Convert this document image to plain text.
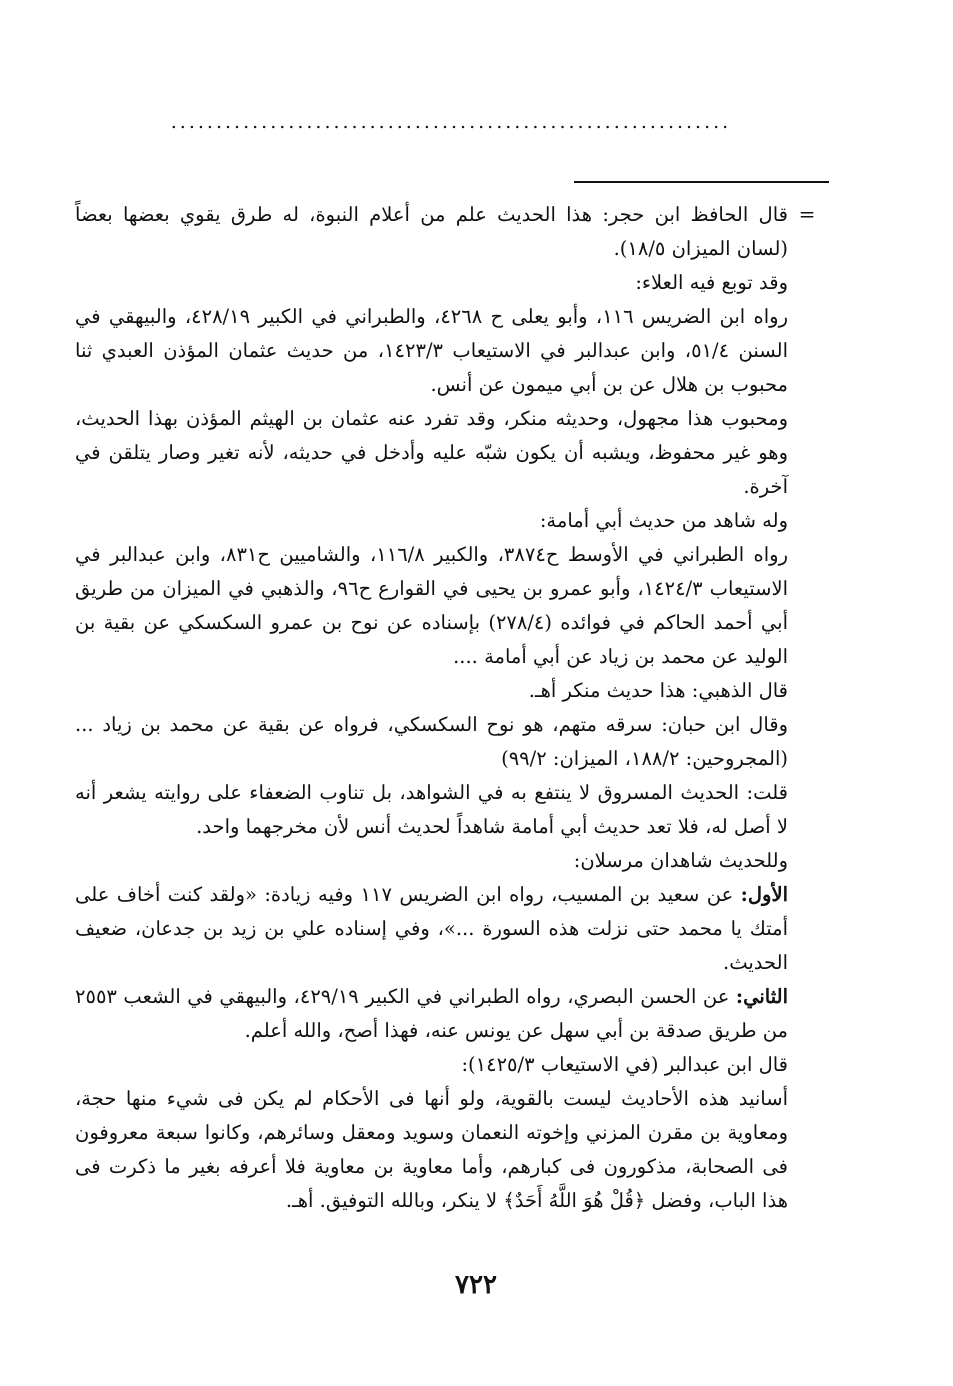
..............................................................
=

قال الحافظ ابن حجر: هذا الحديث علم من أعلام النبوة، له طرق يقوي بعضها بعضاً (لسان الميزان ١٨/٥).

وقد توبع فيه العلاء:

رواه ابن الضريس ١١٦، وأبو يعلى ح ٤٢٦٨، والطبراني في الكبير ٤٢٨/١٩، والبيهقي في السنن ٥١/٤، وابن عبدالبر في الاستيعاب ١٤٢٣/٣، من حديث عثمان المؤذن العبدي ثنا محبوب بن هلال عن بن أبي ميمون عن أنس.

ومحبوب هذا مجهول، وحديثه منكر، وقد تفرد عنه عثمان بن الهيثم المؤذن بهذا الحديث، وهو غير محفوظ، ويشبه أن يكون شبّه عليه وأدخل في حديثه، لأنه تغير وصار يتلقن في آخرة.

وله شاهد من حديث أبي أمامة:

رواه الطبراني في الأوسط ح٣٨٧٤، والكبير ١١٦/٨، والشاميين ح٨٣١، وابن عبدالبر في الاستيعاب ١٤٢٤/٣، وأبو عمرو بن يحيى في القوارع ح٩٦، والذهبي في الميزان من طريق أبي أحمد الحاكم في فوائده (٢٧٨/٤) بإسناده عن نوح بن عمرو السكسكي عن بقية بن الوليد عن محمد بن زياد عن أبي أمامة ....

قال الذهبي: هذا حديث منكر أهـ.

وقال ابن حبان: سرقه متهم، هو نوح السكسكي، فرواه عن بقية عن محمد بن زياد ... (المجروحين: ١٨٨/٢، الميزان: ٩٩/٢)

قلت: الحديث المسروق لا ينتفع به في الشواهد، بل تناوب الضعفاء على روايته يشعر أنه لا أصل له، فلا تعد حديث أبي أمامة شاهداً لحديث أنس لأن مخرجهما واحد.

وللحديث شاهدان مرسلان:

الأول: عن سعيد بن المسيب، رواه ابن الضريس ١١٧ وفيه زيادة: «ولقد كنت أخاف على أمتك يا محمد حتى نزلت هذه السورة ...»، وفي إسناده علي بن زيد بن جدعان، ضعيف الحديث.

الثاني: عن الحسن البصري، رواه الطبراني في الكبير ٤٢٩/١٩، والبيهقي في الشعب ٢٥٥٣ من طريق صدقة بن أبي سهل عن يونس عنه، فهذا أصح، والله أعلم.

قال ابن عبدالبر (في الاستيعاب ١٤٢٥/٣):

أسانيد هذه الأحاديث ليست بالقوية، ولو أنها فى الأحكام لم يكن فى شيء منها حجة، ومعاوية بن مقرن المزني وإخوته النعمان وسويد ومعقل وسائرهم، وكانوا سبعة معروفون فى الصحابة، مذكورون فى كبارهم، وأما معاوية بن معاوية فلا أعرفه بغير ما ذكرت فى هذا الباب، وفضل ﴿قُلْ هُوَ اللَّهُ أَحَدٌ﴾ لا ينكر، وبالله التوفيق. أهـ.

٧٢٢
